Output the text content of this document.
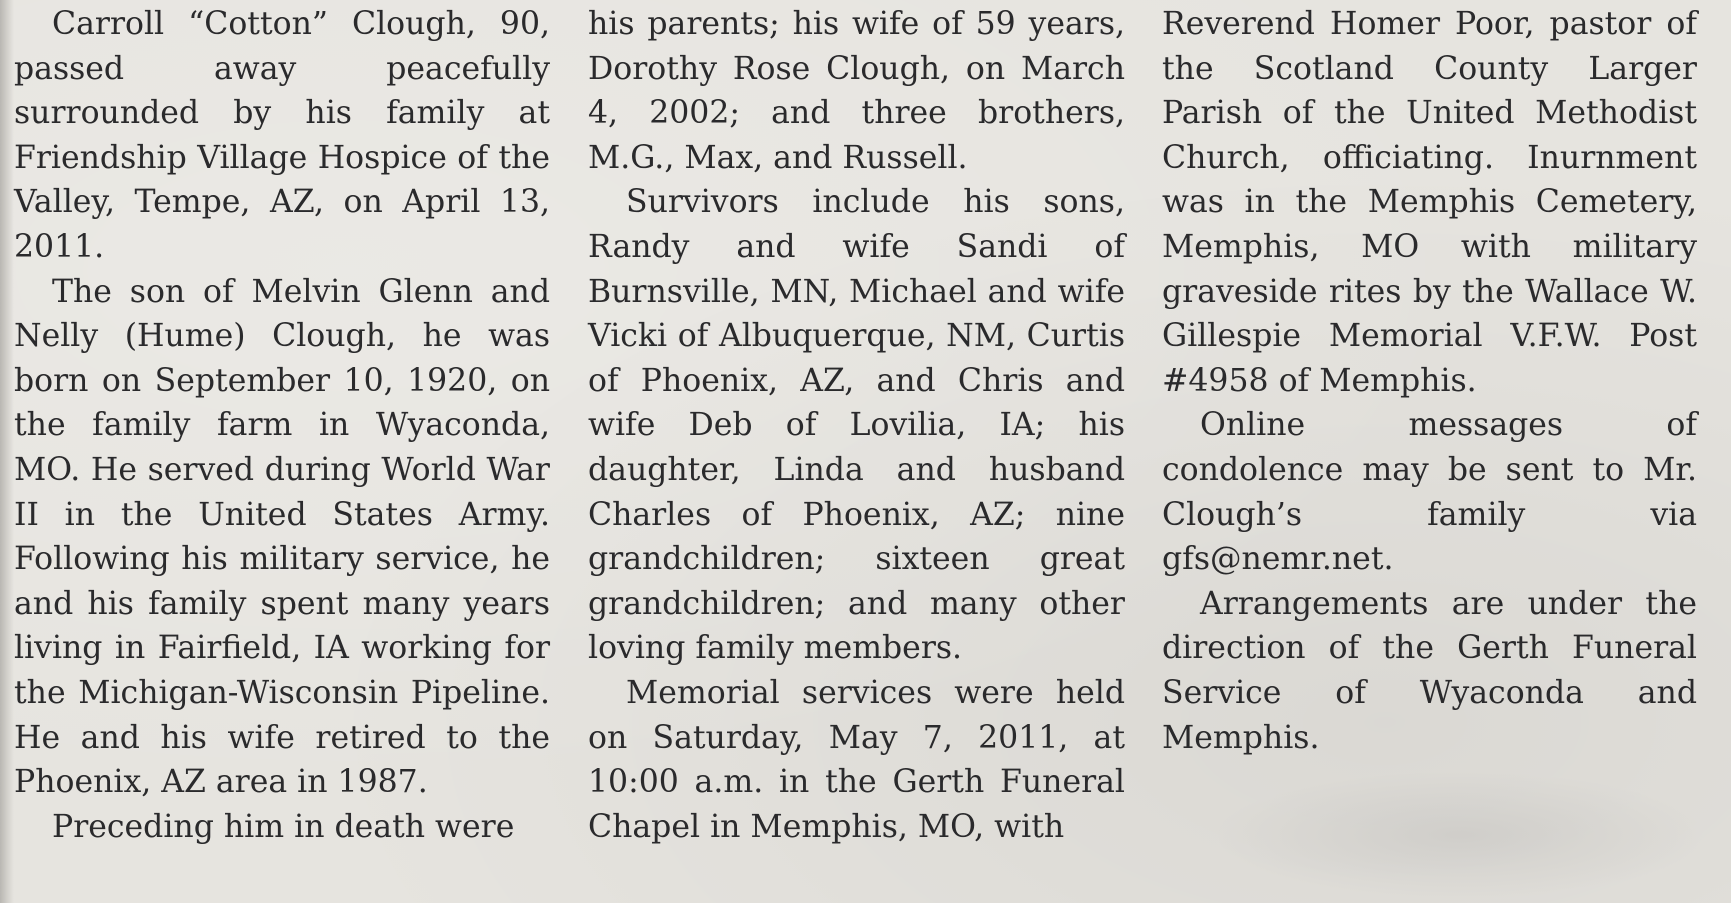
Carroll “Cotton” Clough, 90, passed away peacefully surrounded by his family at Friendship Village Hospice of the Valley, Tempe, AZ, on April 13, 2011.

The son of Melvin Glenn and Nelly (Hume) Clough, he was born on September 10, 1920, on the family farm in Wyaconda, MO. He served during World War II in the United States Army. Following his military service, he and his family spent many years living in Fairfield, IA working for the Michigan-Wisconsin Pipeline. He and his wife retired to the Phoenix, AZ area in 1987.

Preceding him in death were

his parents; his wife of 59 years, Dorothy Rose Clough, on March 4, 2002; and three brothers, M.G., Max, and Russell.

Survivors include his sons, Randy and wife Sandi of Burnsville, MN, Michael and wife Vicki of Albuquerque, NM, Curtis of Phoenix, AZ, and Chris and wife Deb of Lovilia, IA; his daughter, Linda and husband Charles of Phoenix, AZ; nine grandchildren; sixteen great grandchildren; and many other loving family members.

Memorial services were held on Saturday, May 7, 2011, at 10:00 a.m. in the Gerth Funeral Chapel in Memphis, MO, with

Reverend Homer Poor, pastor of the Scotland County Larger Parish of the United Methodist Church, officiating. Inurnment was in the Memphis Cemetery, Memphis, MO with military graveside rites by the Wallace W. Gillespie Memorial V.F.W. Post #4958 of Memphis.

Online messages of condolence may be sent to Mr. Clough’s family via gfs@nemr.net.

Arrangements are under the direction of the Gerth Funeral Service of Wyaconda and Memphis.
